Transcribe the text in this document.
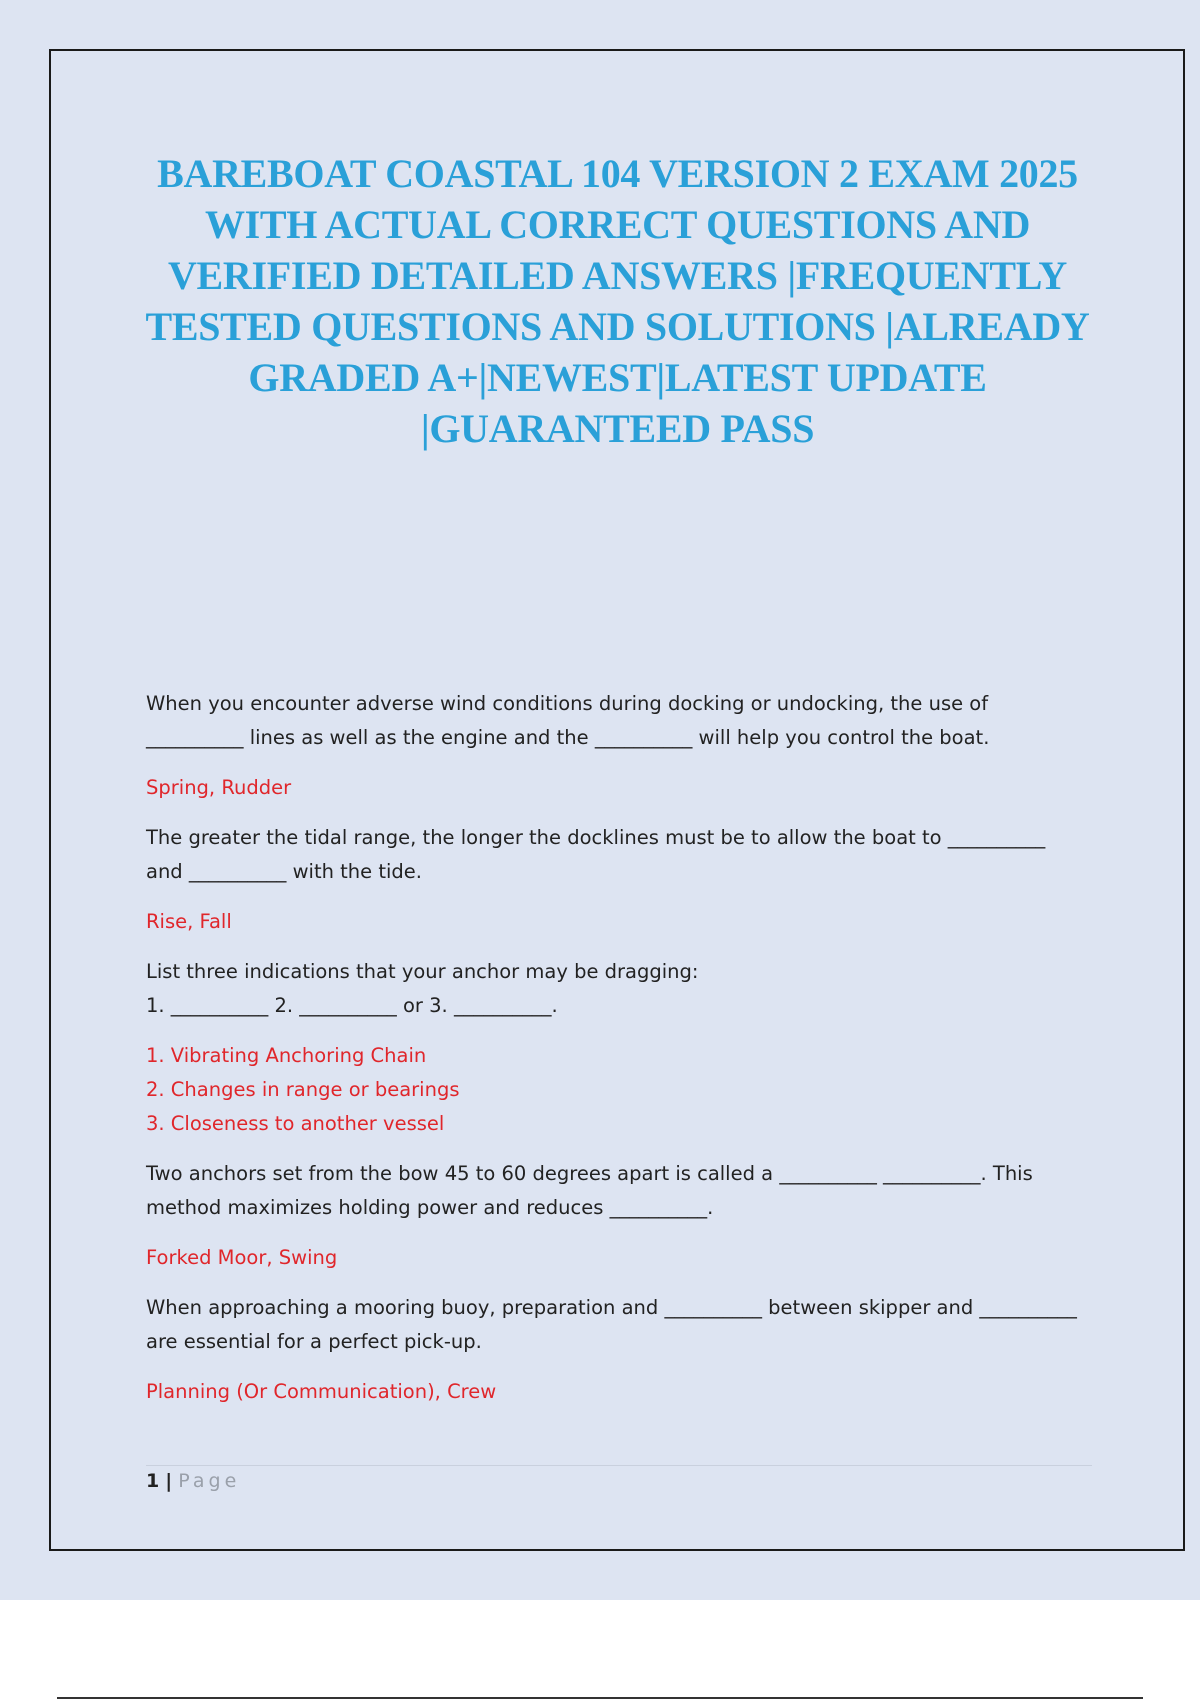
BAREBOAT COASTAL 104 VERSION 2 EXAM 2025 WITH ACTUAL CORRECT QUESTIONS AND VERIFIED DETAILED ANSWERS |FREQUENTLY TESTED QUESTIONS AND SOLUTIONS |ALREADY GRADED A+|NEWEST|LATEST UPDATE |GUARANTEED PASS

When you encounter adverse wind conditions during docking or undocking, the use of __________ lines as well as the engine and the __________ will help you control the boat.

Spring, Rudder

The greater the tidal range, the longer the docklines must be to allow the boat to __________ and __________ with the tide.

Rise, Fall

List three indications that your anchor may be dragging:
1. __________ 2. __________ or 3. __________.

1. Vibrating Anchoring Chain

2. Changes in range or bearings

3. Closeness to another vessel

Two anchors set from the bow 45 to 60 degrees apart is called a __________ __________. This method maximizes holding power and reduces __________.

Forked Moor, Swing

When approaching a mooring buoy, preparation and __________ between skipper and __________ are essential for a perfect pick-up.

Planning (Or Communication), Crew

1 | Page
